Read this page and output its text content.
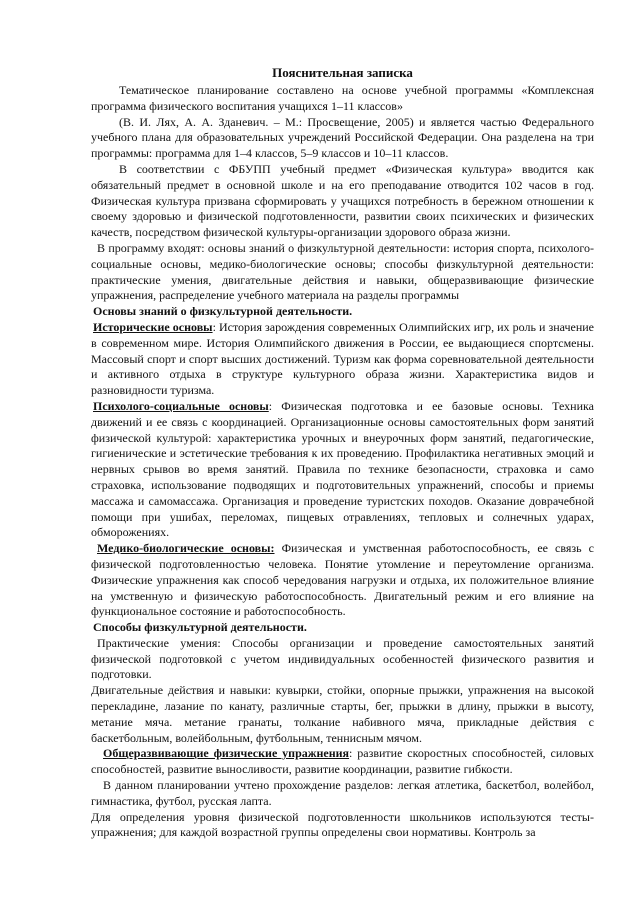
Пояснительная записка

Тематическое планирование составлено на основе учебной программы «Комплексная программа физического воспитания учащихся 1–11 классов»

(В. И. Лях, А. А. Зданевич. – М.: Просвещение, 2005) и является частью Федерального учебного плана для образовательных учреждений Российской Федерации. Она разделена на три программы: программа для 1–4 классов, 5–9 классов и 10–11 классов.

В соответствии с ФБУПП учебный предмет «Физическая культура» вводится как обязательный предмет в основной школе и на его преподавание отводится 102 часов в год. Физическая культура призвана сформировать у учащихся потребность в бережном отношении к своему здоровью и физической подготовленности, развитии своих психических и физических качеств, посредством физической культуры-организации здорового образа жизни.

В программу входят: основы знаний о физкультурной деятельности: история спорта, психолого-социальные основы, медико-биологические основы; способы физкультурной деятельности: практические умения, двигательные действия и навыки, общеразвивающие физические упражнения, распределение учебного материала на разделы программы

Основы знаний о физкультурной деятельности.

Исторические основы: История зарождения современных Олимпийских игр, их роль и значение в современном мире. История Олимпийского движения в России, ее выдающиеся спортсмены. Массовый спорт и спорт высших достижений. Туризм как форма соревновательной деятельности и активного отдыха в структуре культурного образа жизни. Характеристика видов и разновидности туризма.

Психолого-социальные основы: Физическая подготовка и ее базовые основы. Техника движений и ее связь с координацией. Организационные основы самостоятельных форм занятий физической культурой: характеристика урочных и внеурочных форм занятий, педагогические, гигиенические и эстетические требования к их проведению. Профилактика негативных эмоций и нервных срывов во время занятий. Правила по технике безопасности, страховка и само страховка, использование подводящих и подготовительных упражнений, способы и приемы массажа и самомассажа. Организация и проведение туристских походов. Оказание доврачебной помощи при ушибах, переломах, пищевых отравлениях, тепловых и солнечных ударах, обморожениях.

Медико-биологические основы: Физическая и умственная работоспособность, ее связь с физической подготовленностью человека. Понятие утомление и переутомление организма. Физические упражнения как способ чередования нагрузки и отдыха, их положительное влияние на умственную и физическую работоспособность. Двигательный режим и его влияние на функциональное состояние и работоспособность.

Способы физкультурной деятельности.

Практические умения: Способы организации и проведение самостоятельных занятий физической подготовкой с учетом индивидуальных особенностей физического развития и подготовки.

Двигательные действия и навыки: кувырки, стойки, опорные прыжки, упражнения на высокой перекладине, лазание по канату, различные старты, бег, прыжки в длину, прыжки в высоту, метание мяча. метание гранаты, толкание набивного мяча, прикладные действия с баскетбольным, волейбольным, футбольным, теннисным мячом.

Общеразвивающие физические упражнения: развитие скоростных способностей, силовых способностей, развитие выносливости, развитие координации, развитие гибкости.

В данном планировании учтено прохождение разделов: легкая атлетика, баскетбол, волейбол, гимнастика, футбол, русская лапта.

Для определения уровня физической подготовленности школьников используются тесты-упражнения; для каждой возрастной группы определены свои нормативы. Контроль за
